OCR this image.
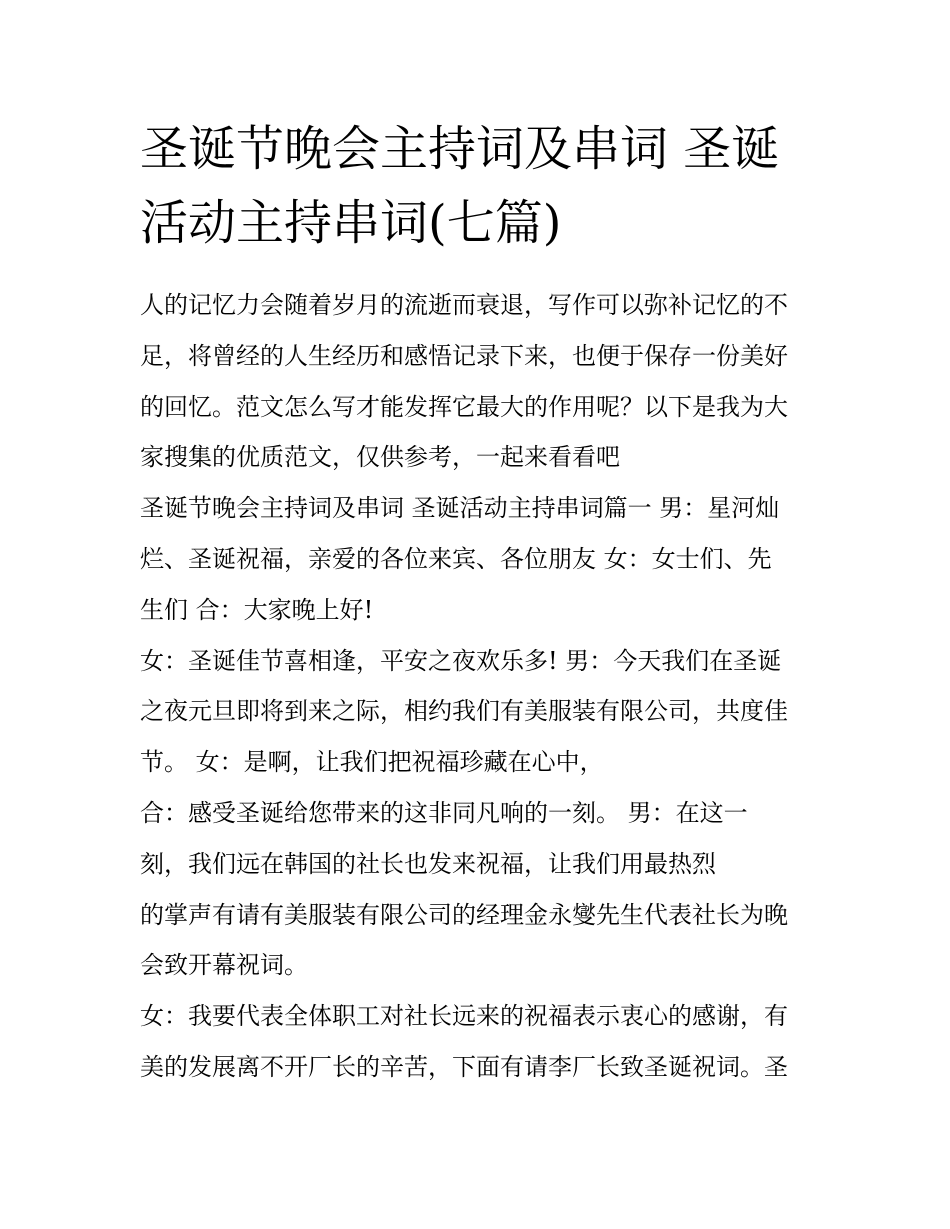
圣诞节晚会主持词及串词 圣诞
活动主持串词(七篇)
人的记忆力会随着岁月的流逝而衰退，写作可以弥补记忆的不
足，将曾经的人生经历和感悟记录下来，也便于保存一份美好
的回忆。范文怎么写才能发挥它最大的作用呢？以下是我为大
家搜集的优质范文，仅供参考，一起来看看吧
圣诞节晚会主持词及串词 圣诞活动主持串词篇一 男：星河灿
烂、圣诞祝福，亲爱的各位来宾、各位朋友 女：女士们、先
生们 合：大家晚上好!
女：圣诞佳节喜相逢，平安之夜欢乐多! 男：今天我们在圣诞
之夜元旦即将到来之际，相约我们有美服装有限公司，共度佳
节。 女：是啊，让我们把祝福珍藏在心中，
合：感受圣诞给您带来的这非同凡响的一刻。 男：在这一
刻，我们远在韩国的社长也发来祝福，让我们用最热烈
的掌声有请有美服装有限公司的经理金永燮先生代表社长为晚
会致开幕祝词。
女：我要代表全体职工对社长远来的祝福表示衷心的感谢，有
美的发展离不开厂长的辛苦，下面有请李厂长致圣诞祝词。圣
